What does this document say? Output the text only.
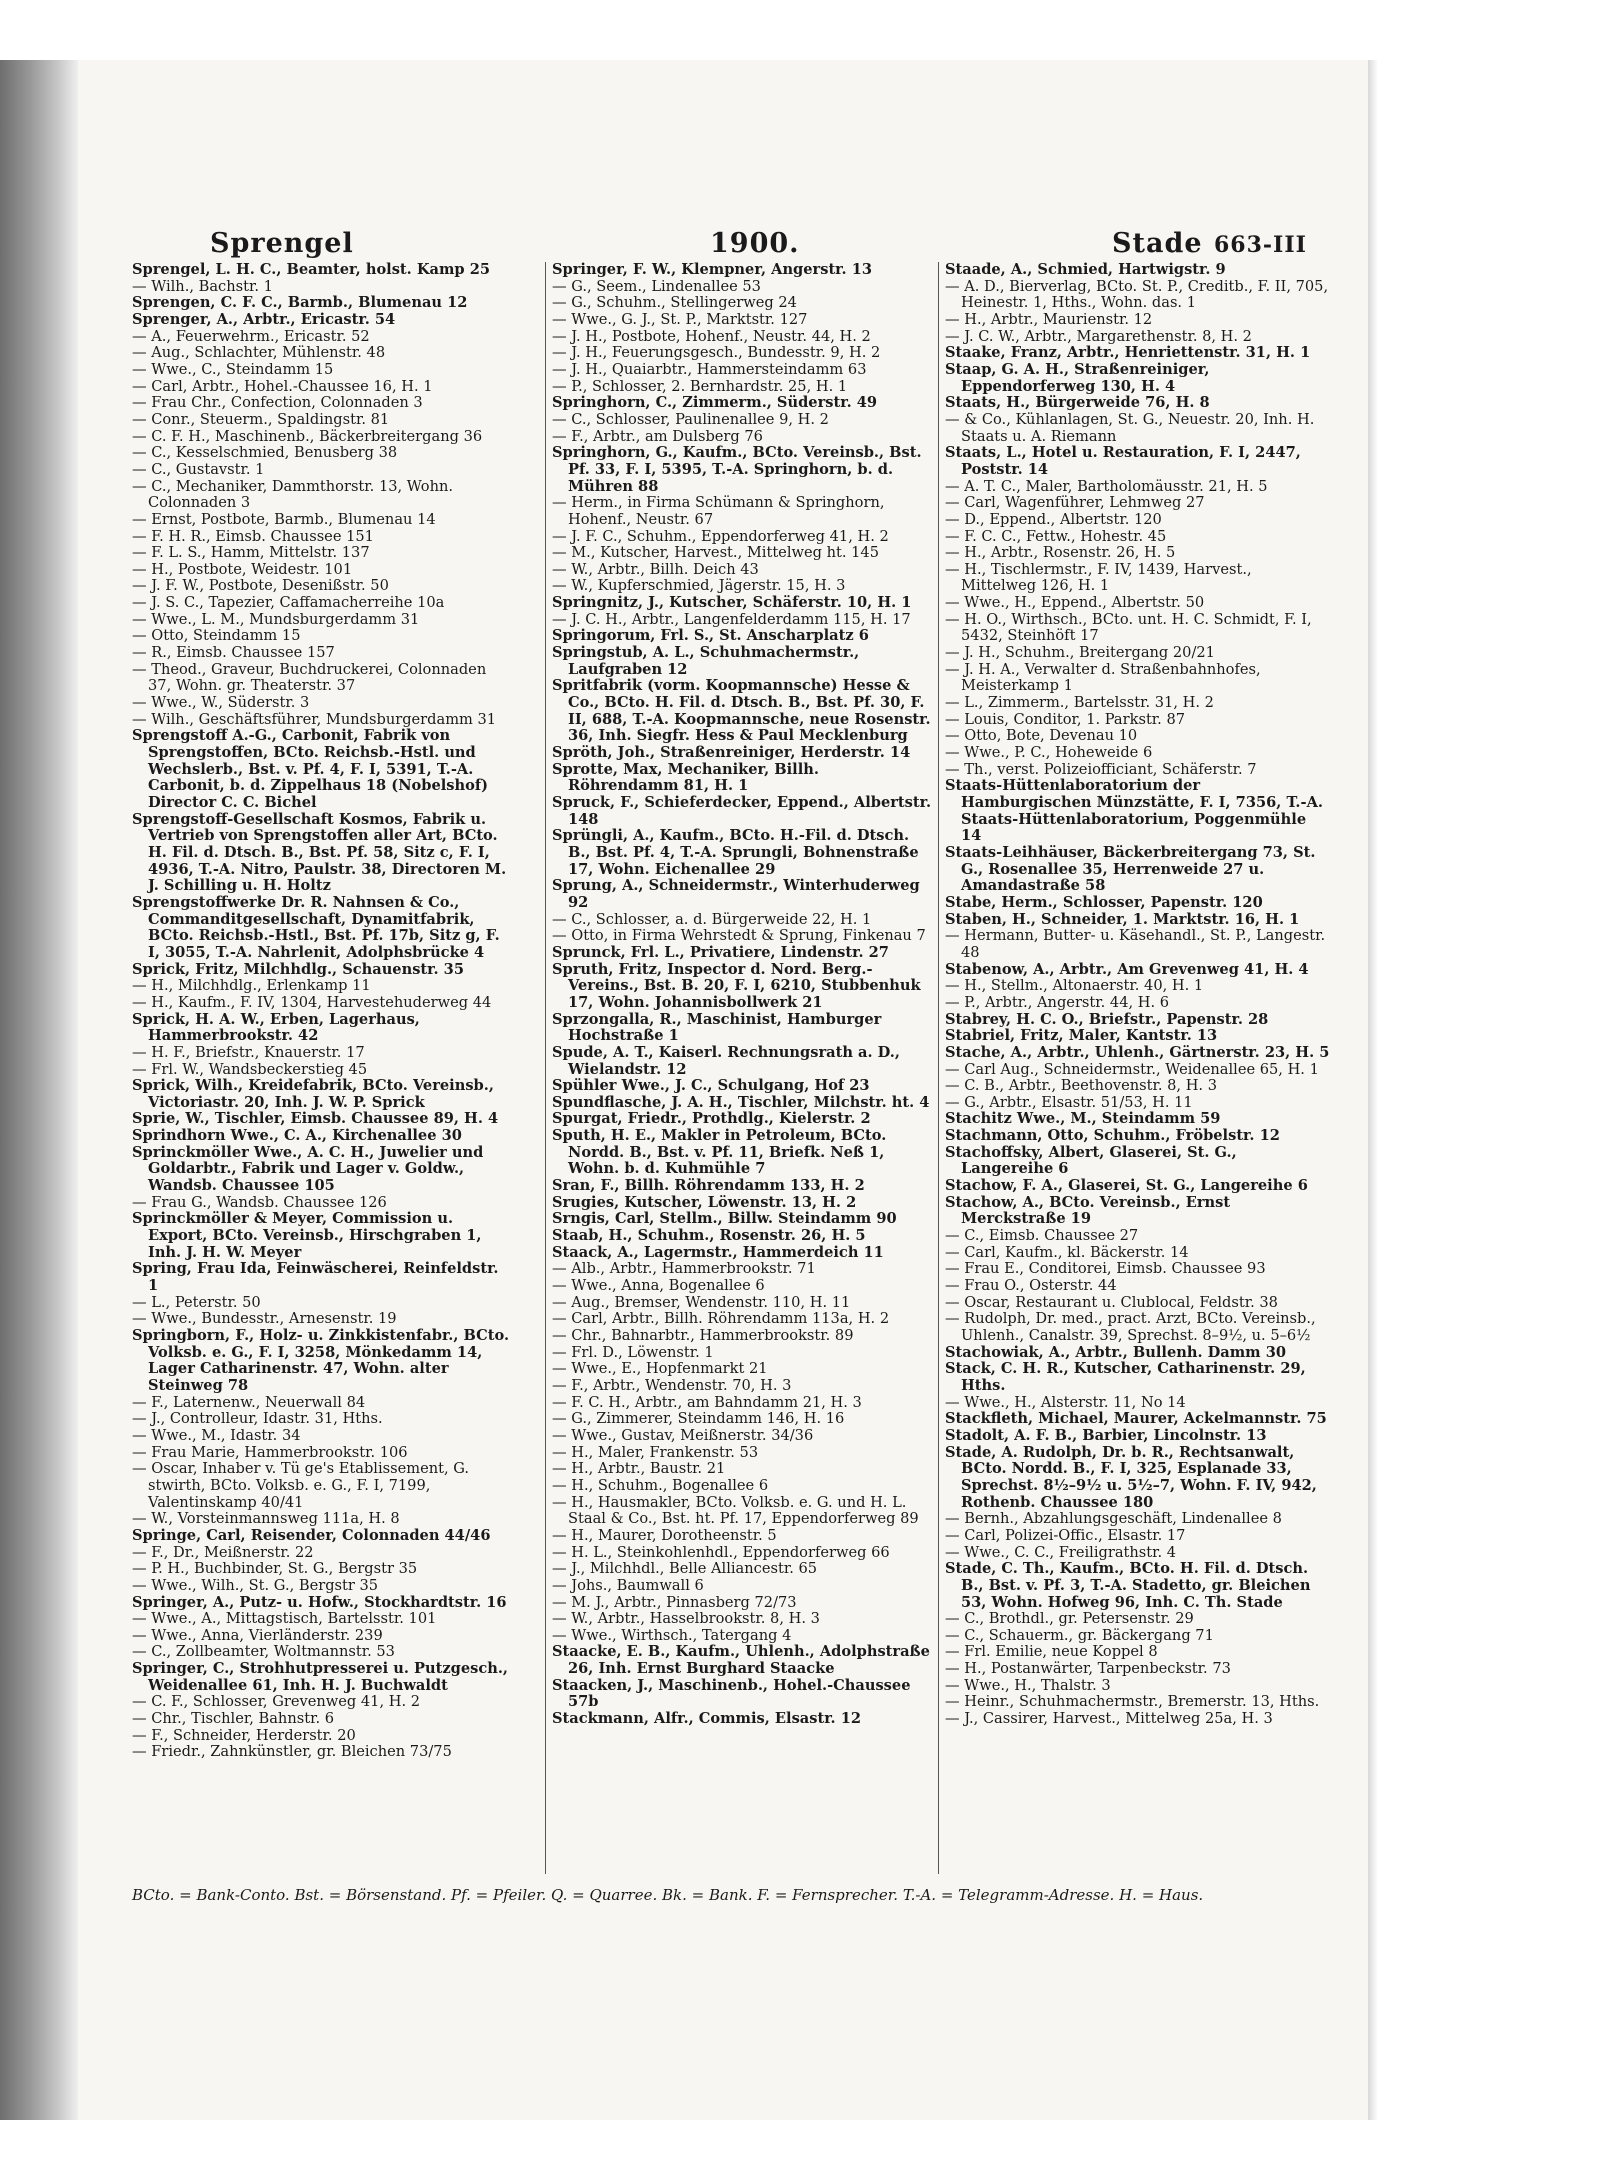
Sprengel	1900.	Stade 663-III
Sprengel, L. H. C., Beamter, holst. Kamp 25
— Wilh., Bachstr. 1
Sprengen, C. F. C., Barmb., Blumenau 12
Sprenger, A., Arbtr., Ericastr. 54
— A., Feuerwehrm., Ericastr. 52
— Aug., Schlachter, Mühlenstr. 48
— Wwe., C., Steindamm 15
— Carl, Arbtr., Hohel.-Chaussee 16, H. 1
— Frau Chr., Confection, Colonnaden 3
— Conr., Steuerm., Spaldingstr. 81
— C. F. H., Maschinenb., Bäckerbreitergang 36
— C., Kesselschmied, Benusberg 38
— C., Gustavstr. 1
— C., Mechaniker, Dammthorstr. 13, Wohn. Colonnaden 3
— Ernst, Postbote, Barmb., Blumenau 14
— F. H. R., Eimsb. Chaussee 151
— F. L. S., Hamm, Mittelstr. 137
— H., Postbote, Weidestr. 101
— J. F. W., Postbote, Desenißstr. 50
— J. S. C., Tapezier, Caffamacherreihe 10a
— Wwe., L. M., Mundsburgerdamm 31
— Otto, Steindamm 15
— R., Eimsb. Chaussee 157
— Theod., Graveur, Buchdruckerei, Colonnaden 37, Wohn. gr. Theaterstr. 37
— Wwe., W., Süderstr. 3
— Wilh., Geschäftsführer, Mundsburgerdamm 31
Sprengstoff A.-G., Carbonit, Fabrik von Sprengstoffen, BCto. Reichsb.-Hstl. und Wechslerb., Bst. v. Pf. 4, F. I, 5391, T.-A. Carbonit, b. d. Zippelhaus 18 (Nobelshof) Director C. C. Bichel
Sprengstoff-Gesellschaft Kosmos, Fabrik u. Vertrieb von Sprengstoffen aller Art, BCto. H. Fil. d. Dtsch. B., Bst. Pf. 58, Sitz c, F. I, 4936, T.-A. Nitro, Paulstr. 38, Directoren M. J. Schilling u. H. Holtz
Sprengstoffwerke Dr. R. Nahnsen & Co., Commanditgesellschaft, Dynamitfabrik, BCto. Reichsb.-Hstl., Bst. Pf. 17b, Sitz g, F. I, 3055, T.-A. Nahrlenit, Adolphsbrücke 4
Sprick, Fritz, Milchhdlg., Schauenstr. 35
— H., Milchhdlg., Erlenkamp 11
— H., Kaufm., F. IV, 1304, Harvestehuderweg 44
Sprick, H. A. W., Erben, Lagerhaus, Hammerbrookstr. 42
— H. F., Briefstr., Knauerstr. 17
— Frl. W., Wandsbeckerstieg 45
Sprick, Wilh., Kreidefabrik, BCto. Vereinsb., Victoriastr. 20, Inh. J. W. P. Sprick
Sprie, W., Tischler, Eimsb. Chaussee 89, H. 4
Sprindhorn Wwe., C. A., Kirchenallee 30
Sprinckmöller Wwe., A. C. H., Juwelier und Goldarbtr., Fabrik und Lager v. Goldw., Wandsb. Chaussee 105
— Frau G., Wandsb. Chaussee 126
Sprinckmöller & Meyer, Commission u. Export, BCto. Vereinsb., Hirschgraben 1, Inh. J. H. W. Meyer
Spring, Frau Ida, Feinwäscherei, Reinfeldstr. 1
— L., Peterstr. 50
— Wwe., Bundesstr., Arnesenstr. 19
Springborn, F., Holz- u. Zinkkistenfabr., BCto. Volksb. e. G., F. I, 3258, Mönkedamm 14, Lager Catharinenstr. 47, Wohn. alter Steinweg 78
— F., Laternenw., Neuerwall 84
— J., Controlleur, Idastr. 31, Hths.
— Wwe., M., Idastr. 34
— Frau Marie, Hammerbrookstr. 106
— Oscar, Inhaber v. Tü ge's Etablissement, G. stwirth, BCto. Volksb. e. G., F. I, 7199, Valentinskamp 40/41
— W., Vorsteinmannsweg 111a, H. 8
Springe, Carl, Reisender, Colonnaden 44/46
— F., Dr., Meißnerstr. 22
— P. H., Buchbinder, St. G., Bergstr 35
— Wwe., Wilh., St. G., Bergstr 35
Springer, A., Putz- u. Hofw., Stockhardtstr. 16
— Wwe., A., Mittagstisch, Bartelsstr. 101
— Wwe., Anna, Vierländerstr. 239
— C., Zollbeamter, Woltmannstr. 53
Springer, C., Strohhutpresserei u. Putzgesch., Weidenallee 61, Inh. H. J. Buchwaldt
— C. F., Schlosser, Grevenweg 41, H. 2
— Chr., Tischler, Bahnstr. 6
— F., Schneider, Herderstr. 20
— Friedr., Zahnkünstler, gr. Bleichen 73/75
Springer, F. W., Klempner, Angerstr. 13
— G., Seem., Lindenallee 53
— G., Schuhm., Stellingerweg 24
— Wwe., G. J., St. P., Marktstr. 127
— J. H., Postbote, Hohenf., Neustr. 44, H. 2
— J. H., Feuerungsgesch., Bundesstr. 9, H. 2
— J. H., Quaiarbtr., Hammersteindamm 63
— P., Schlosser, 2. Bernhardstr. 25, H. 1
Springhorn, C., Zimmerm., Süderstr. 49
— C., Schlosser, Paulinenallee 9, H. 2
— F., Arbtr., am Dulsberg 76
Springhorn, G., Kaufm., BCto. Vereinsb., Bst. Pf. 33, F. I, 5395, T.-A. Springhorn, b. d. Mühren 88
— Herm., in Firma Schümann & Springhorn, Hohenf., Neustr. 67
— J. F. C., Schuhm., Eppendorferweg 41, H. 2
— M., Kutscher, Harvest., Mittelweg ht. 145
— W., Arbtr., Billh. Deich 43
— W., Kupferschmied, Jägerstr. 15, H. 3
Springnitz, J., Kutscher, Schäferstr. 10, H. 1
— J. C. H., Arbtr., Langenfelderdamm 115, H. 17
Springorum, Frl. S., St. Anscharplatz 6
Springstub, A. L., Schuhmachermstr., Laufgraben 12
Spritfabrik (vorm. Koopmannsche) Hesse & Co., BCto. H. Fil. d. Dtsch. B., Bst. Pf. 30, F. II, 688, T.-A. Koopmannsche, neue Rosenstr. 36, Inh. Siegfr. Hess & Paul Mecklenburg
Spröth, Joh., Straßenreiniger, Herderstr. 14
Sprotte, Max, Mechaniker, Billh. Röhrendamm 81, H. 1
Spruck, F., Schieferdecker, Eppend., Albertstr. 148
Sprüngli, A., Kaufm., BCto. H.-Fil. d. Dtsch. B., Bst. Pf. 4, T.-A. Sprungli, Bohnenstraße 17, Wohn. Eichenallee 29
Sprung, A., Schneidermstr., Winterhuderweg 92
— C., Schlosser, a. d. Bürgerweide 22, H. 1
— Otto, in Firma Wehrstedt & Sprung, Finkenau 7
Sprunck, Frl. L., Privatiere, Lindenstr. 27
Spruth, Fritz, Inspector d. Nord. Berg.-Vereins., Bst. B. 20, F. I, 6210, Stubbenhuk 17, Wohn. Johannisbollwerk 21
Sprzongalla, R., Maschinist, Hamburger Hochstraße 1
Spude, A. T., Kaiserl. Rechnungsrath a. D., Wielandstr. 12
Spühler Wwe., J. C., Schulgang, Hof 23
Spundflasche, J. A. H., Tischler, Milchstr. ht. 4
Spurgat, Friedr., Prothdlg., Kielerstr. 2
Sputh, H. E., Makler in Petroleum, BCto. Nordd. B., Bst. v. Pf. 11, Briefk. Neß 1, Wohn. b. d. Kuhmühle 7
Sran, F., Billh. Röhrendamm 133, H. 2
Srugies, Kutscher, Löwenstr. 13, H. 2
Srngis, Carl, Stellm., Billw. Steindamm 90
Staab, H., Schuhm., Rosenstr. 26, H. 5
Staack, A., Lagermstr., Hammerdeich 11
— Alb., Arbtr., Hammerbrookstr. 71
— Wwe., Anna, Bogenallee 6
— Aug., Bremser, Wendenstr. 110, H. 11
— Carl, Arbtr., Billh. Röhrendamm 113a, H. 2
— Chr., Bahnarbtr., Hammerbrookstr. 89
— Frl. D., Löwenstr. 1
— Wwe., E., Hopfenmarkt 21
— F., Arbtr., Wendenstr. 70, H. 3
— F. C. H., Arbtr., am Bahndamm 21, H. 3
— G., Zimmerer, Steindamm 146, H. 16
— Wwe., Gustav, Meißnerstr. 34/36
— H., Maler, Frankenstr. 53
— H., Arbtr., Baustr. 21
— H., Schuhm., Bogenallee 6
— H., Hausmakler, BCto. Volksb. e. G. und H. L. Staal & Co., Bst. ht. Pf. 17, Eppendorferweg 89
— H., Maurer, Dorotheenstr. 5
— H. L., Steinkohlenhdl., Eppendorferweg 66
— J., Milchhdl., Belle Alliancestr. 65
— Johs., Baumwall 6
— M. J., Arbtr., Pinnasberg 72/73
— W., Arbtr., Hasselbrookstr. 8, H. 3
— Wwe., Wirthsch., Tatergang 4
Staacke, E. B., Kaufm., Uhlenh., Adolphstraße 26, Inh. Ernst Burghard Staacke
Staacken, J., Maschinenb., Hohel.-Chaussee 57b
Stackmann, Alfr., Commis, Elsastr. 12
Staade, A., Schmied, Hartwigstr. 9
— A. D., Bierverlag, BCto. St. P., Creditb., F. II, 705, Heinestr. 1, Hths., Wohn. das. 1
— H., Arbtr., Maurienstr. 12
— J. C. W., Arbtr., Margarethenstr. 8, H. 2
Staake, Franz, Arbtr., Henriettenstr. 31, H. 1
Staap, G. A. H., Straßenreiniger, Eppendorferweg 130, H. 4
Staats, H., Bürgerweide 76, H. 8
— & Co., Kühlanlagen, St. G., Neuestr. 20, Inh. H. Staats u. A. Riemann
Staats, L., Hotel u. Restauration, F. I, 2447, Poststr. 14
— A. T. C., Maler, Bartholomäusstr. 21, H. 5
— Carl, Wagenführer, Lehmweg 27
— D., Eppend., Albertstr. 120
— F. C. C., Fettw., Hohestr. 45
— H., Arbtr., Rosenstr. 26, H. 5
— H., Tischlermstr., F. IV, 1439, Harvest., Mittelweg 126, H. 1
— Wwe., H., Eppend., Albertstr. 50
— H. O., Wirthsch., BCto. unt. H. C. Schmidt, F. I, 5432, Steinhöft 17
— J. H., Schuhm., Breitergang 20/21
— J. H. A., Verwalter d. Straßenbahnhofes, Meisterkamp 1
— L., Zimmerm., Bartelsstr. 31, H. 2
— Louis, Conditor, 1. Parkstr. 87
— Otto, Bote, Devenau 10
— Wwe., P. C., Hoheweide 6
— Th., verst. Polizeiofficiant, Schäferstr. 7
Staats-Hüttenlaboratorium der Hamburgischen Münzstätte, F. I, 7356, T.-A. Staats-Hüttenlaboratorium, Poggenmühle 14
Staats-Leihhäuser, Bäckerbreitergang 73, St. G., Rosenallee 35, Herrenweide 27 u. Amandastraße 58
Stabe, Herm., Schlosser, Papenstr. 120
Staben, H., Schneider, 1. Marktstr. 16, H. 1
— Hermann, Butter- u. Käsehandl., St. P., Langestr. 48
Stabenow, A., Arbtr., Am Grevenweg 41, H. 4
— H., Stellm., Altonaerstr. 40, H. 1
— P., Arbtr., Angerstr. 44, H. 6
Stabrey, H. C. O., Briefstr., Papenstr. 28
Stabriel, Fritz, Maler, Kantstr. 13
Stache, A., Arbtr., Uhlenh., Gärtnerstr. 23, H. 5
— Carl Aug., Schneidermstr., Weidenallee 65, H. 1
— C. B., Arbtr., Beethovenstr. 8, H. 3
— G., Arbtr., Elsastr. 51/53, H. 11
Stachitz Wwe., M., Steindamm 59
Stachmann, Otto, Schuhm., Fröbelstr. 12
Stachoffsky, Albert, Glaserei, St. G., Langereihe 6
Stachow, F. A., Glaserei, St. G., Langereihe 6
Stachow, A., BCto. Vereinsb., Ernst Merckstraße 19
— C., Eimsb. Chaussee 27
— Carl, Kaufm., kl. Bäckerstr. 14
— Frau E., Conditorei, Eimsb. Chaussee 93
— Frau O., Osterstr. 44
— Oscar, Restaurant u. Clublocal, Feldstr. 38
— Rudolph, Dr. med., pract. Arzt, BCto. Vereinsb., Uhlenh., Canalstr. 39, Sprechst. 8–9½, u. 5–6½
Stachowiak, A., Arbtr., Bullenh. Damm 30
Stack, C. H. R., Kutscher, Catharinenstr. 29, Hths.
— Wwe., H., Alsterstr. 11, No 14
Stackfleth, Michael, Maurer, Ackelmannstr. 75
Stadolt, A. F. B., Barbier, Lincolnstr. 13
Stade, A. Rudolph, Dr. b. R., Rechtsanwalt, BCto. Nordd. B., F. I, 325, Esplanade 33, Sprechst. 8½–9½ u. 5½–7, Wohn. F. IV, 942, Rothenb. Chaussee 180
— Bernh., Abzahlungsgeschäft, Lindenallee 8
— Carl, Polizei-Offic., Elsastr. 17
— Wwe., C. C., Freiligrathstr. 4
Stade, C. Th., Kaufm., BCto. H. Fil. d. Dtsch. B., Bst. v. Pf. 3, T.-A. Stadetto, gr. Bleichen 53, Wohn. Hofweg 96, Inh. C. Th. Stade
— C., Brothdl., gr. Petersenstr. 29
— C., Schauerm., gr. Bäckergang 71
— Frl. Emilie, neue Koppel 8
— H., Postanwärter, Tarpenbeckstr. 73
— Wwe., H., Thalstr. 3
— Heinr., Schuhmachermstr., Bremerstr. 13, Hths.
— J., Cassirer, Harvest., Mittelweg 25a, H. 3
BCto. = Bank-Conto. Bst. = Börsenstand. Pf. = Pfeiler. Q. = Quarree. Bk. = Bank. F. = Fernsprecher. T.-A. = Telegramm-Adresse. H. = Haus.
